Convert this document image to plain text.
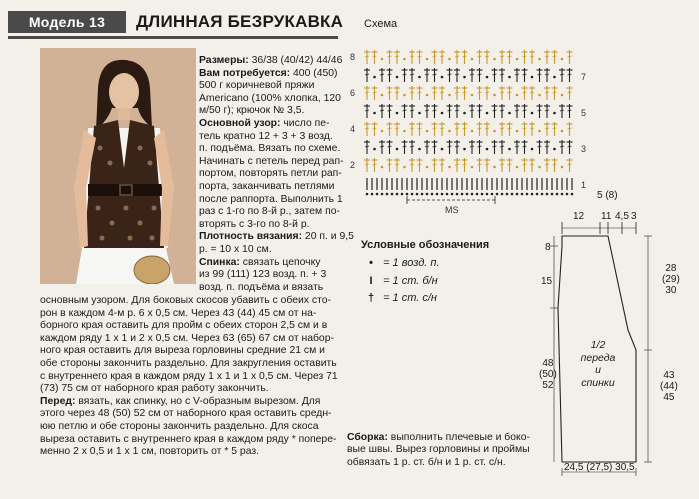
Модель 13	ДЛИННАЯ БЕЗРУКАВКА
Размеры: 36/38 (40/42) 44/46
Вам потребуется: 400 (450)
500 г коричневой пряжи
Americano (100% хлопка, 120
м/50 г); крючок № 3,5.
Основной узор: число пе-
тель кратно 12 + 3 + 3 возд.
п. подъёма. Вязать по схеме.
Начинать с петель перед рап-
портом, повторять петли рап-
порта, заканчивать петлями
после раппорта. Выполнить 1
раз с 1-го по 8-й р., затем по-
вторять с 3-го по 8-й р.
Плотность вязания: 20 п. и 9,5
р. = 10 х 10 см.
Спинка: связать цепочку
из 99 (111) 123 возд. п. + 3
возд. п. подъёма и вязать
основным узором. Для боковых скосов убавить с обеих сто-
рон в каждом 4-м р. 6 х 0,5 см. Через 43 (44) 45 см от на-
борного края оставить для пройм с обеих сторон 2,5 см и в
каждом ряду 1 х 1 и 2 х 0,5 см. Через 63 (65) 67 см от набор-
ного края оставить для выреза горловины средние 21 см и
обе стороны закончить раздельно. Для закругления оставить
с внутреннего края в каждом ряду 1 х 1 и 1 х 0,5 см. Через 71
(73) 75 см от наборного края работу закончить.
Перед: вязать, как спинку, но с V-образным вырезом. Для
этого через 48 (50) 52 см от наборного края оставить средн-
юю петлю и обе стороны закончить раздельно. Для скоса
выреза оставить с внутреннего края в каждом ряду * попере-
менно 2 х 0,5 и 1 х 1 см, повторить от * 5 раз.
Схема
8
6
4
2
7
5
3
1
MS
Условные обозначения
• = 1 возд. п.
I = 1 ст. б/н
† = 1 ст. с/н
5 (8)
12 11 4,5 3
8
15
48
(50)
52
28
(29)
30
43
(44)
45
24,5 (27,5) 30,5
1/2
переда
и
спинки
Сборка: выполнить плечевые и боко-
вые швы. Вырез горловины и проймы
обвязать 1 р. ст. б/н и 1 р. ст. с/н.
